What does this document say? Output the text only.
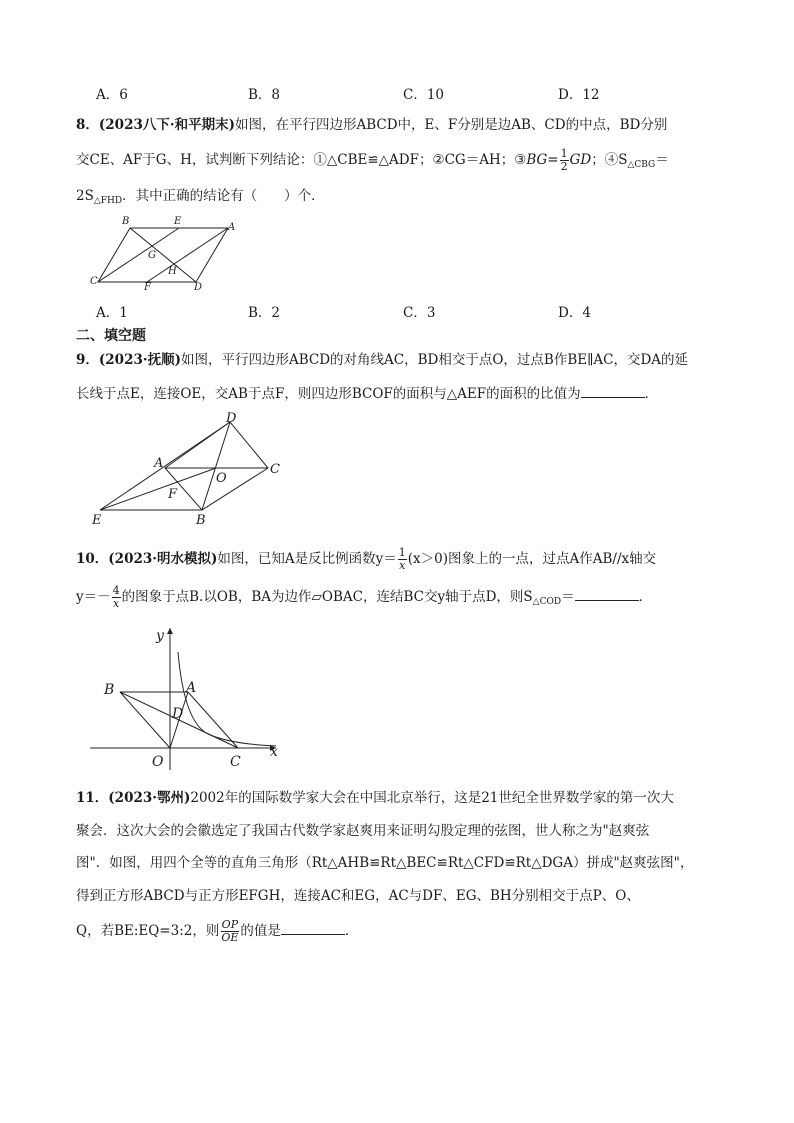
A．6	B．8	C．10	D．12
8．(2023八下·和平期末)如图，在平行四边形ABCD中，E、F分别是边AB、CD的中点，BD分别
交CE、AF于G、H，试判断下列结论：①△CBE≌△ADF；②CG＝AH；③BG= $\frac{1}{2}$ GD；$④S_{\triangle CBG}=$
$2S_{\triangle FHD}$．其中正确的结论有（　　）个．
B	E
A
G
H
C
F	D
A．1	B．2	C．3	D．4
二、填空题
9．(2023·抚顺)如图，平行四边形ABCD的对角线AC，BD相交于点O，过点B作BE∥AC，交DA的延
长线于点E，连接OE，交AB于点F，则四边形BCOF的面积与△AEF的面积的比值为	．
D
A
O
C
F
E	B
10．(2023·明水模拟)如图，已知A是反比例函数$y= \frac{1}{x} (x>0)$图象上的一点，过点A作AB//x轴交
$y=- \frac{4}{x}$ 的图象于点B.以OB，BA为边作▱OBAC，连结BC交y轴于点D，则$S_{\triangle COD}=$	．
y
B	A
D
O	C
x
11．(2023·鄂州)2002年的国际数学家大会在中国北京举行，这是21世纪全世界数学家的第一次大
聚会．这次大会的会徽选定了我国古代数学家赵爽用来证明勾股定理的弦图，世人称之为"赵爽弦
图"．如图，用四个全等的直角三角形（Rt△AHB≌Rt△BEC≌Rt△CFD≌Rt△DGA）拼成"赵爽弦图"，
得到正方形ABCD与正方形EFGH，连接AC和EG，AC与DF、EG、BH分别相交于点P、O、
Q，若BE:EQ=3:2，则 $\frac{OP}{OE}$ 的值是	．
